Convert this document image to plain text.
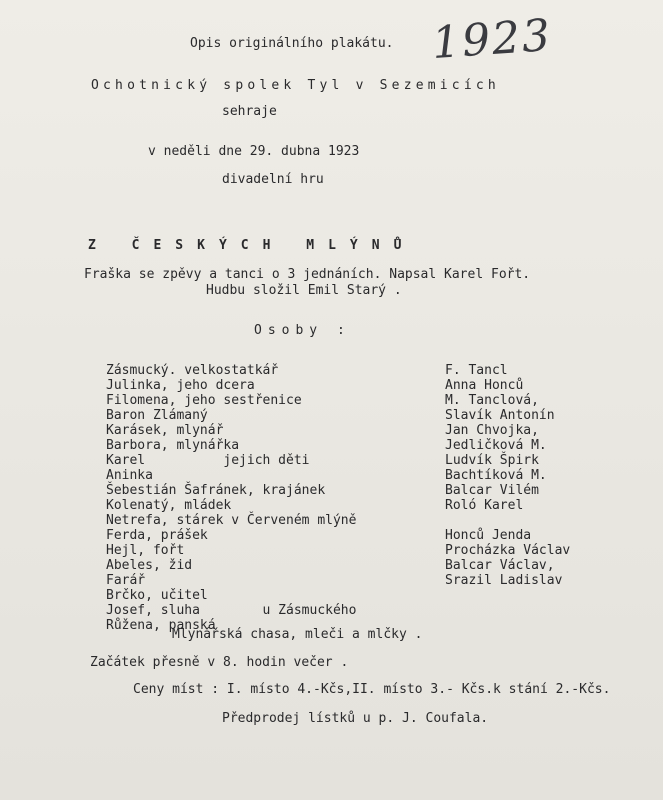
1923
Opis originálního plakátu.
Ochotnický spolek Tyl v Sezemicích
sehraje
v neděli dne 29. dubna 1923
divadelní hru
Z ČESKÝCH MLÝNŮ
Fraška se zpěvy a tanci o 3 jednáních. Napsal Karel Fořt.
Hudbu složil Emil Starý .
Osoby :
Zásmucký. velkostatkář
Julinka, jeho dcera
Filomena, jeho sestřenice
Baron Zlámaný
Karásek, mlynář
Barbora, mlynářka
Karel          jejich děti
Aninka
Šebestián Šafránek, krajánek
Kolenatý, mládek
Netrefa, stárek v Červeném mlýně
Ferda, prášek
Hejl, fořt
Abeles, žid
Farář
Brčko, učitel
Josef, sluha        u Zásmuckého
Růžena, panská
F. Tancl
Anna Honců
M. Tanclová,
Slavík Antonín
Jan Chvojka,
Jedličková M.
Ludvík Špirk
Bachtíková M.
Balcar Vilém
Roló Karel
Honců Jenda
Procházka Václav
Balcar Václav,
Srazil Ladislav
Mlynářská chasa, mleči a mlčky .
Začátek přesně v 8. hodin večer .
Ceny míst : I. místo 4.-Kčs,II. místo 3.- Kčs.k stání 2.-Kčs.
Předprodej lístků u p. J. Coufala.
